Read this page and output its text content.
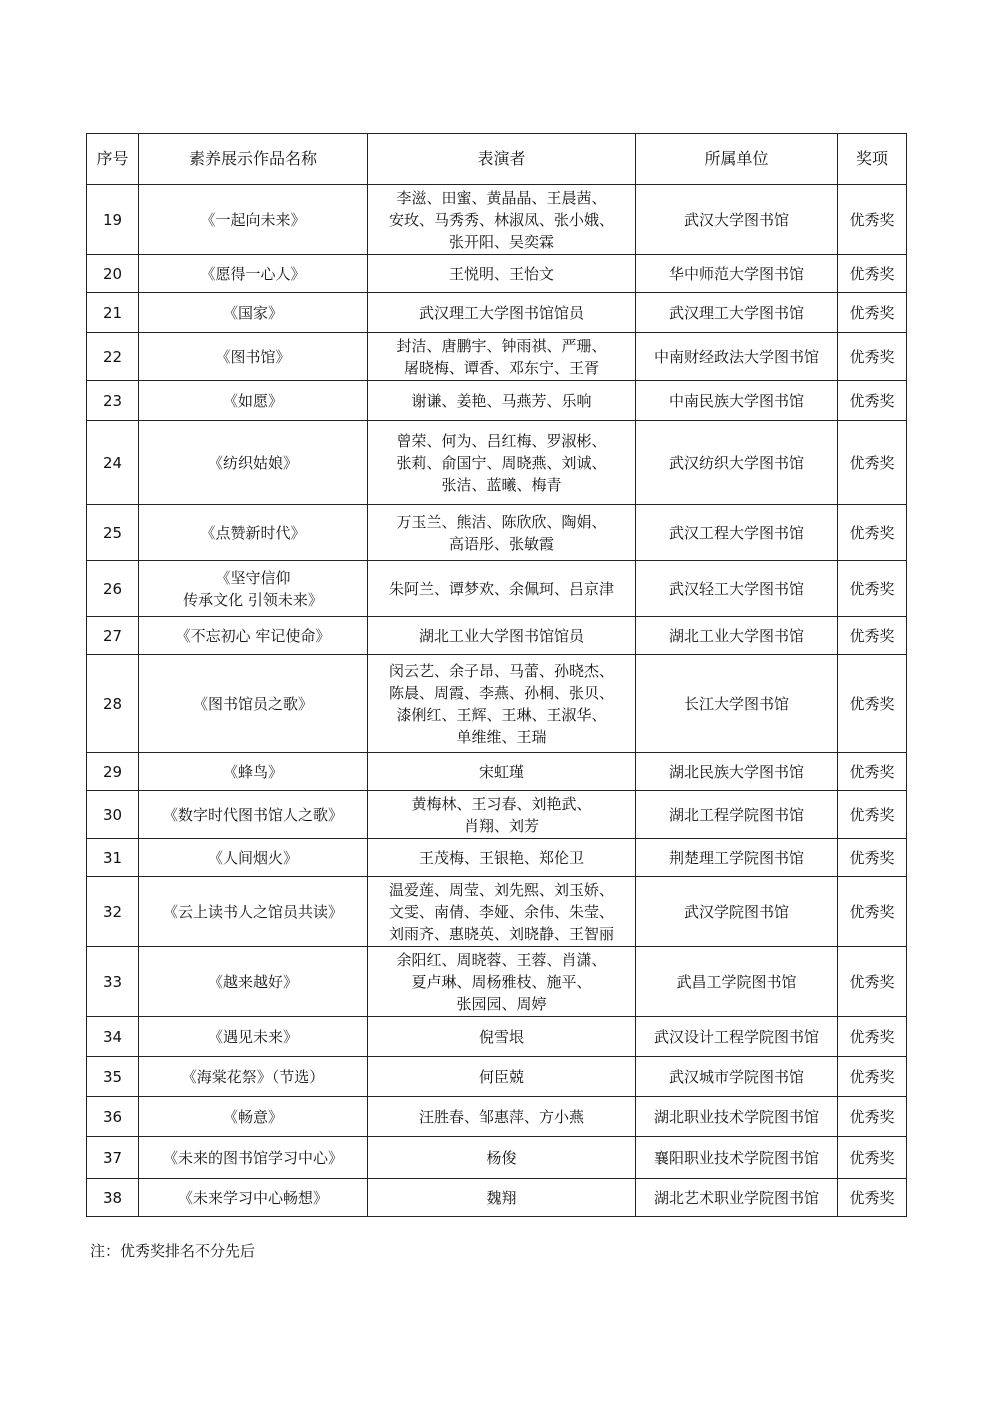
序号	素养展示作品名称	表演者	所属单位	奖项
19	《一起向未来》	李滋、田蜜、黄晶晶、王晨茜、
安玫、马秀秀、林淑凤、张小娥、
张开阳、吴奕霖	武汉大学图书馆	优秀奖
20	《愿得一心人》	王悦明、王怡文	华中师范大学图书馆	优秀奖
21	《国家》	武汉理工大学图书馆馆员	武汉理工大学图书馆	优秀奖
22	《图书馆》	封洁、唐鹏宇、钟雨祺、严珊、
屠晓梅、谭香、邓东宁、王胥	中南财经政法大学图书馆	优秀奖
23	《如愿》	谢谦、姜艳、马燕芳、乐响	中南民族大学图书馆	优秀奖
24	《纺织姑娘》	曾荣、何为、吕红梅、罗淑彬、
张莉、俞国宁、周晓燕、刘诚、
张洁、蓝曦、梅青	武汉纺织大学图书馆	优秀奖
25	《点赞新时代》	万玉兰、熊洁、陈欣欣、陶娟、
高语彤、张敏霞	武汉工程大学图书馆	优秀奖
26	《坚守信仰
传承文化 引领未来》	朱阿兰、谭梦欢、余佩珂、吕京津	武汉轻工大学图书馆	优秀奖
27	《不忘初心 牢记使命》	湖北工业大学图书馆馆员	湖北工业大学图书馆	优秀奖
28	《图书馆员之歌》	闵云艺、余子昂、马蕾、孙晓杰、
陈晨、周霞、李燕、孙桐、张贝、
漆俐红、王辉、王琳、王淑华、
单维维、王瑞	长江大学图书馆	优秀奖
29	《蜂鸟》	宋虹瑾	湖北民族大学图书馆	优秀奖
30	《数字时代图书馆人之歌》	黄梅林、王习春、刘艳武、
肖翔、刘芳	湖北工程学院图书馆	优秀奖
31	《人间烟火》	王茂梅、王银艳、郑伦卫	荆楚理工学院图书馆	优秀奖
32	《云上读书人之馆员共读》	温爱莲、周莹、刘先熙、刘玉娇、
文雯、南倩、李娅、余伟、朱莹、
刘雨齐、惠晓英、刘晓静、王智丽	武汉学院图书馆	优秀奖
33	《越来越好》	余阳红、周晓蓉、王蓉、肖潇、
夏卢琳、周杨雅枝、施平、
张园园、周婷	武昌工学院图书馆	优秀奖
34	《遇见未来》	倪雪垠	武汉设计工程学院图书馆	优秀奖
35	《海棠花祭》（节选）	何臣兢	武汉城市学院图书馆	优秀奖
36	《畅意》	汪胜春、邹惠萍、方小燕	湖北职业技术学院图书馆	优秀奖
37	《未来的图书馆学习中心》	杨俊	襄阳职业技术学院图书馆	优秀奖
38	《未来学习中心畅想》	魏翔	湖北艺术职业学院图书馆	优秀奖
注：优秀奖排名不分先后
